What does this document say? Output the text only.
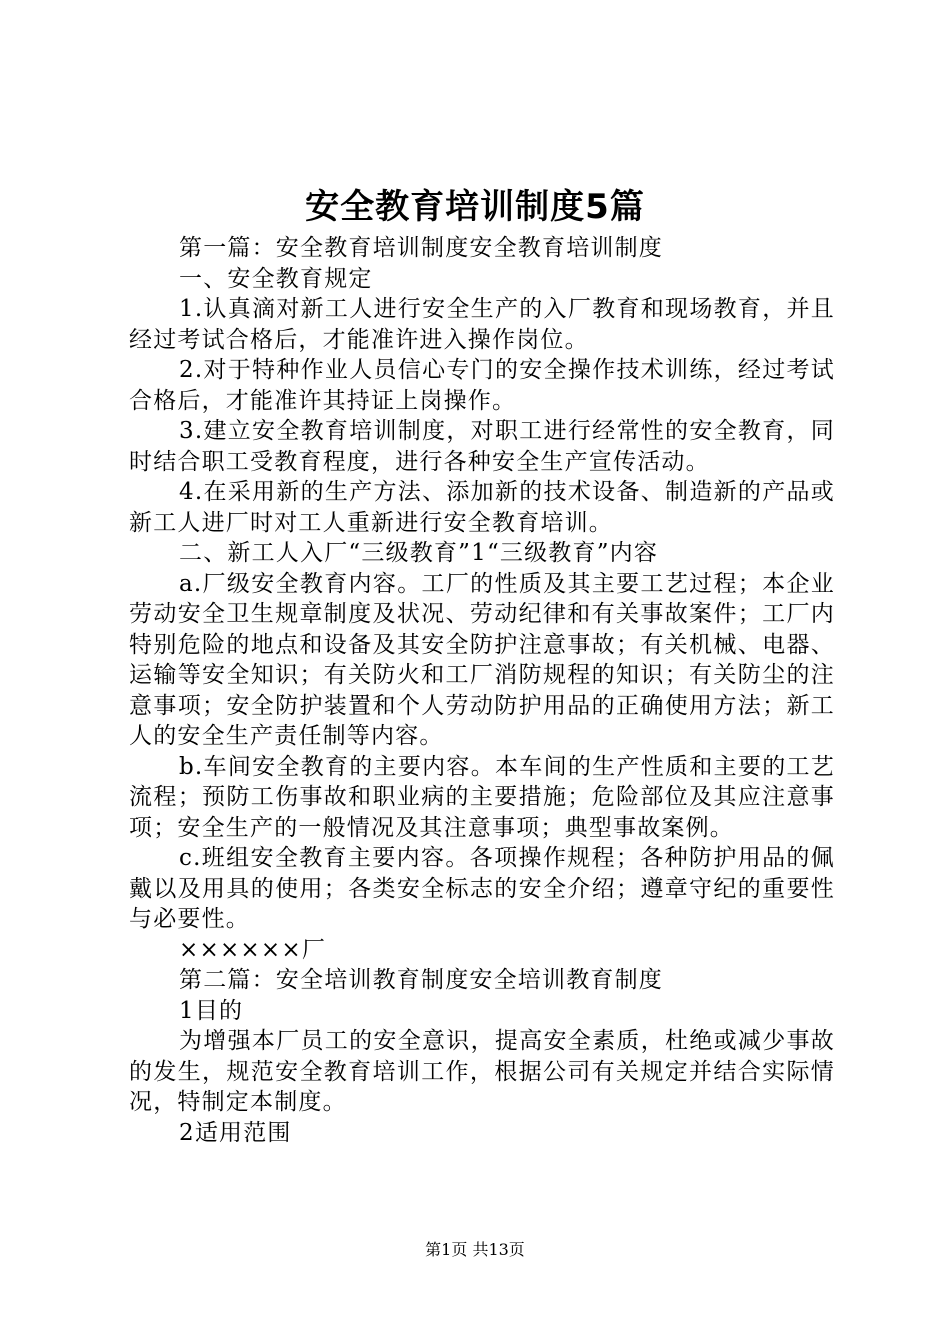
安全教育培训制度5篇

第一篇：安全教育培训制度安全教育培训制度

一、安全教育规定

1.认真滴对新工人进行安全生产的入厂教育和现场教育，并且经过考试合格后，才能准许进入操作岗位。

2.对于特种作业人员信心专门的安全操作技术训练，经过考试合格后，才能准许其持证上岗操作。

3.建立安全教育培训制度，对职工进行经常性的安全教育，同时结合职工受教育程度，进行各种安全生产宣传活动。

4.在采用新的生产方法、添加新的技术设备、制造新的产品或新工人进厂时对工人重新进行安全教育培训。

二、新工人入厂“三级教育”1“三级教育”内容

a.厂级安全教育内容。工厂的性质及其主要工艺过程；本企业劳动安全卫生规章制度及状况、劳动纪律和有关事故案件；工厂内特别危险的地点和设备及其安全防护注意事故；有关机械、电器、运输等安全知识；有关防火和工厂消防规程的知识；有关防尘的注意事项；安全防护装置和个人劳动防护用品的正确使用方法；新工人的安全生产责任制等内容。

b.车间安全教育的主要内容。本车间的生产性质和主要的工艺流程；预防工伤事故和职业病的主要措施；危险部位及其应注意事项；安全生产的一般情况及其注意事项；典型事故案例。

c.班组安全教育主要内容。各项操作规程；各种防护用品的佩戴以及用具的使用；各类安全标志的安全介绍；遵章守纪的重要性与必要性。

××××××厂

第二篇：安全培训教育制度安全培训教育制度

1目的

为增强本厂员工的安全意识，提高安全素质，杜绝或减少事故的发生，规范安全教育培训工作，根据公司有关规定并结合实际情况，特制定本制度。

2适用范围

第1页 共13页
